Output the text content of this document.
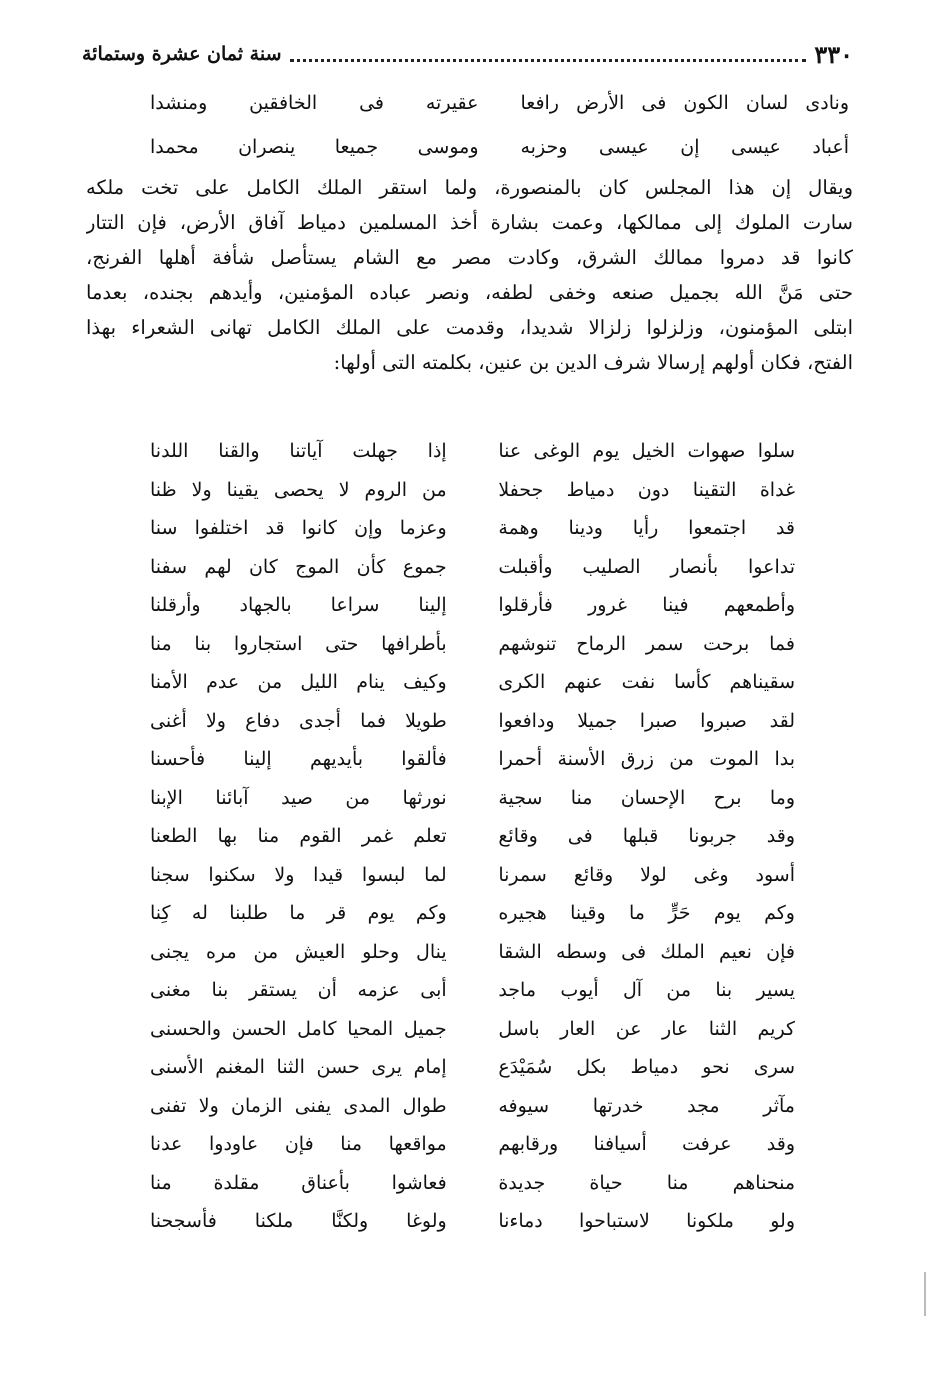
٣٣٠
سنة ثمان عشرة وستمائة
ونادى لسان الكون فى الأرض رافعا
عقيرته فى الخافقين ومنشدا
أعباد عيسى إن عيسى وحزبه
وموسى جميعا ينصران محمدا
ويقال إن هذا المجلس كان بالمنصورة، ولما استقر الملك الكامل على تخت ملكه
سارت الملوك إلى ممالكها، وعمت بشارة أخذ المسلمين دمياط آفاق الأرض، فإن التتار
كانوا قد دمروا ممالك الشرق، وكادت مصر مع الشام يستأصل شأفة أهلها الفرنج،
حتى مَنَّ الله بجميل صنعه وخفى لطفه، ونصر عباده المؤمنين، وأيدهم بجنده، بعدما
ابتلى المؤمنون، وزلزلوا زلزالا شديدا، وقدمت على الملك الكامل تهانى الشعراء بهذا
الفتح، فكان أولهم إرسالا شرف الدين بن عنين، بكلمته التى أولها:
سلوا صهوات الخيل يوم الوغى عنا
إذا جهلت آياتنا والقنا اللدنا
غداة التقينا دون دمياط جحفلا
من الروم لا يحصى يقينا ولا ظنا
قد اجتمعوا رأيا ودينا وهمة
وعزما وإن كانوا قد اختلفوا سنا
تداعوا بأنصار الصليب وأقبلت
جموع كأن الموج كان لهم سفنا
وأطمعهم فينا غرور فأرقلوا
إلينا سراعا بالجهاد وأرقلنا
فما برحت سمر الرماح تنوشهم
بأطرافها حتى استجاروا بنا منا
سقيناهم كأسا نفت عنهم الكرى
وكيف ينام الليل من عدم الأمنا
لقد صبروا صبرا جميلا ودافعوا
طويلا فما أجدى دفاع ولا أغنى
بدا الموت من زرق الأسنة أحمرا
فألقوا بأيديهم إلينا فأحسنا
وما برح الإحسان منا سجية
نورثها من صيد آبائنا الإبنا
وقد جربونا قبلها فى وقائع
تعلم غمر القوم منا بها الطعنا
أسود وغى لولا وقائع سمرنا
لما لبسوا قيدا ولا سكنوا سجنا
وكم يوم حَرٍّ ما وقينا هجيره
وكم يوم قر ما طلبنا له كِنا
فإن نعيم الملك فى وسطه الشقا
ينال وحلو العيش من مره يجنى
يسير بنا من آل أيوب ماجد
أبى عزمه أن يستقر بنا مغنى
كريم الثنا عار عن العار باسل
جميل المحيا كامل الحسن والحسنى
سرى نحو دمياط بكل سُمَيْدَع
إمام يرى حسن الثنا المغنم الأسنى
مآثر مجد خدرتها سيوفه
طوال المدى يفنى الزمان ولا تفنى
وقد عرفت أسيافنا ورقابهم
مواقعها منا فإن عاودوا عدنا
منحناهم منا حياة جديدة
فعاشوا بأعناق مقلدة منا
ولو ملكونا لاستباحوا دماءنا
ولوغا ولكنَّا ملكنا فأسجحنا
